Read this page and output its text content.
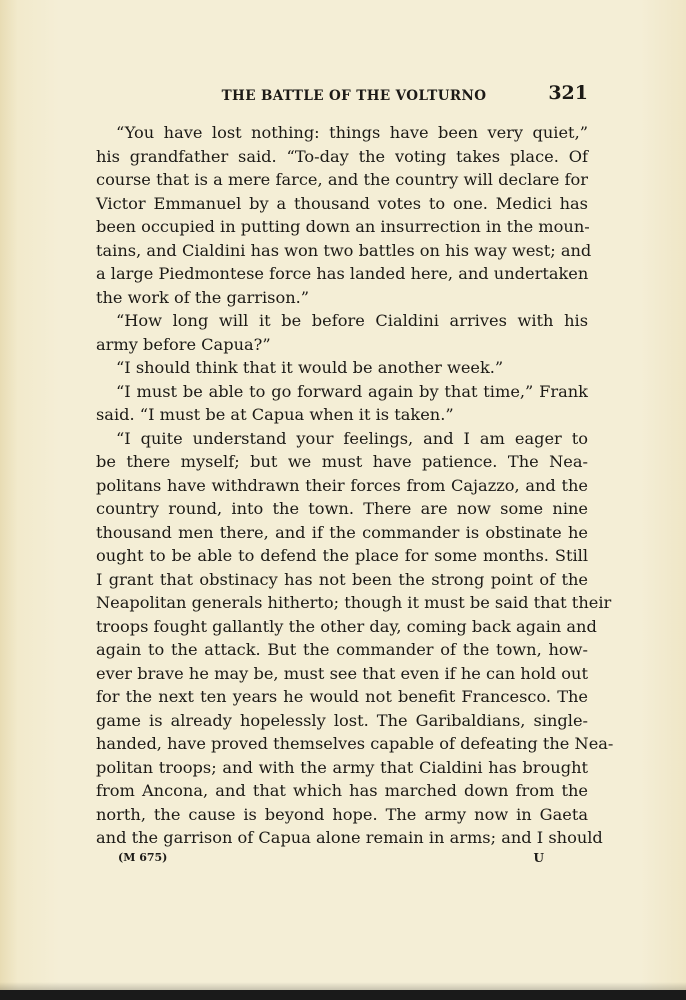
THE BATTLE OF THE VOLTURNO	321
“You have lost nothing: things have been very quiet,”
his grandfather said. “To-day the voting takes place. Of
course that is a mere farce, and the country will declare for
Victor Emmanuel by a thousand votes to one. Medici has
been occupied in putting down an insurrection in the moun-
tains, and Cialdini has won two battles on his way west; and
a large Piedmontese force has landed here, and undertaken
the work of the garrison.”
“How long will it be before Cialdini arrives with his
army before Capua?”
“I should think that it would be another week.”
“I must be able to go forward again by that time,” Frank
said. “I must be at Capua when it is taken.”
“I quite understand your feelings, and I am eager to
be there myself; but we must have patience. The Nea-
politans have withdrawn their forces from Cajazzo, and the
country round, into the town. There are now some nine
thousand men there, and if the commander is obstinate he
ought to be able to defend the place for some months. Still
I grant that obstinacy has not been the strong point of the
Neapolitan generals hitherto; though it must be said that their
troops fought gallantly the other day, coming back again and
again to the attack. But the commander of the town, how-
ever brave he may be, must see that even if he can hold out
for the next ten years he would not benefit Francesco. The
game is already hopelessly lost. The Garibaldians, single-
handed, have proved themselves capable of defeating the Nea-
politan troops; and with the army that Cialdini has brought
from Ancona, and that which has marched down from the
north, the cause is beyond hope. The army now in Gaeta
and the garrison of Capua alone remain in arms; and I should
(M 675)	U
